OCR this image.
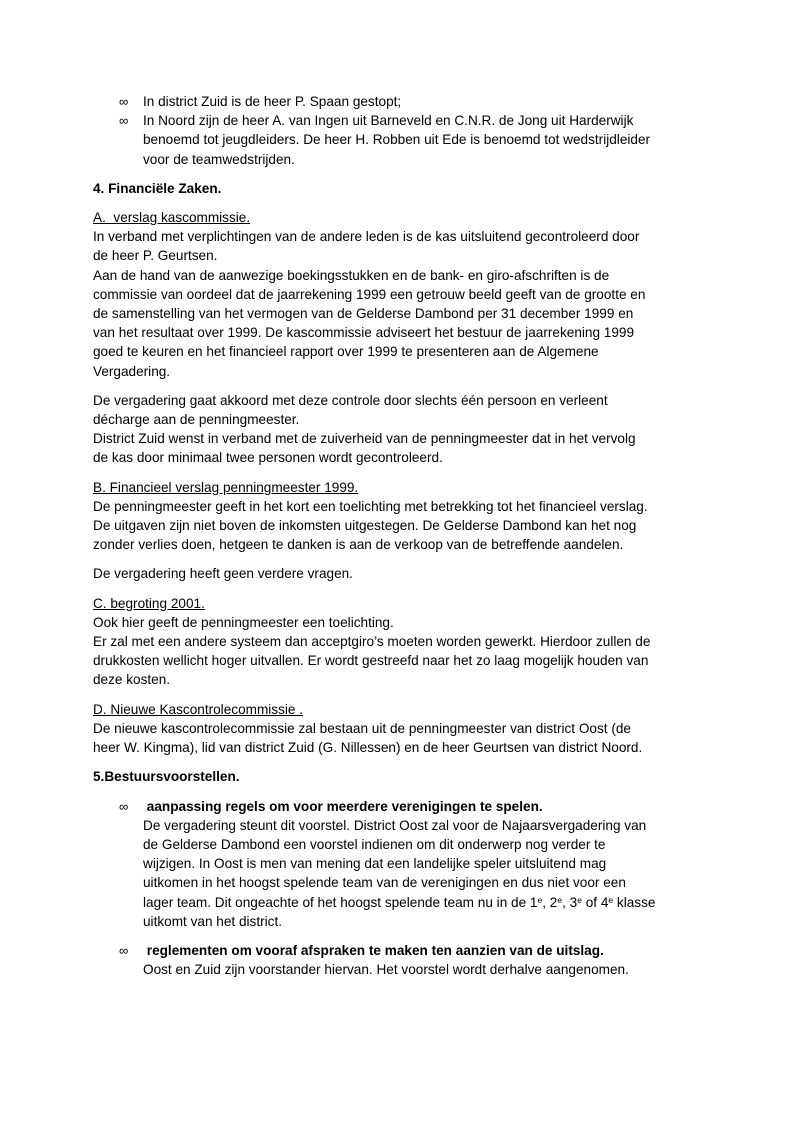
∞ In district Zuid is de heer P. Spaan gestopt;
∞ In Noord zijn de heer A. van Ingen uit Barneveld en C.N.R. de Jong uit Harderwijk
benoemd tot jeugdleiders. De heer H. Robben uit Ede is benoemd tot wedstrijdleider
voor de teamwedstrijden.
4. Financiële Zaken.
A.  verslag kascommissie.
In verband met verplichtingen van de andere leden is de kas uitsluitend gecontroleerd door
de heer P. Geurtsen.
Aan de hand van de aanwezige boekingsstukken en de bank- en giro-afschriften is de
commissie van oordeel dat de jaarrekening 1999 een getrouw beeld geeft van de grootte en
de samenstelling van het vermogen van de Gelderse Dambond per 31 december 1999 en
van het resultaat over 1999. De kascommissie adviseert het bestuur de jaarrekening 1999
goed te keuren en het financieel rapport over 1999 te presenteren aan de Algemene
Vergadering.
De vergadering gaat akkoord met deze controle door slechts één persoon en verleent
décharge aan de penningmeester.
District Zuid wenst in verband met de zuiverheid van de penningmeester dat in het vervolg
de kas door minimaal twee personen wordt gecontroleerd.
B. Financieel verslag penningmeester 1999.
De penningmeester geeft in het kort een toelichting met betrekking tot het financieel verslag.
De uitgaven zijn niet boven de inkomsten uitgestegen. De Gelderse Dambond kan het nog
zonder verlies doen, hetgeen te danken is aan de verkoop van de betreffende aandelen.
De vergadering heeft geen verdere vragen.
C. begroting 2001.
Ook hier geeft de penningmeester een toelichting.
Er zal met een andere systeem dan acceptgiro’s moeten worden gewerkt. Hierdoor zullen de
drukkosten wellicht hoger uitvallen. Er wordt gestreefd naar het zo laag mogelijk houden van
deze kosten.
D. Nieuwe Kascontrolecommissie .
De nieuwe kascontrolecommissie zal bestaan uit de penningmeester van district Oost (de
heer W. Kingma), lid van district Zuid (G. Nillessen) en de heer Geurtsen van district Noord.
5.Bestuursvoorstellen.
∞ aanpassing regels om voor meerdere verenigingen te spelen.
De vergadering steunt dit voorstel. District Oost zal voor de Najaarsvergadering van
de Gelderse Dambond een voorstel indienen om dit onderwerp nog verder te
wijzigen. In Oost is men van mening dat een landelijke speler uitsluitend mag
uitkomen in het hoogst spelende team van de verenigingen en dus niet voor een
lager team. Dit ongeachte of het hoogst spelende team nu in de 1e, 2e, 3e of 4e klasse
uitkomt van het district.
∞ reglementen om vooraf afspraken te maken ten aanzien van de uitslag.
Oost en Zuid zijn voorstander hiervan. Het voorstel wordt derhalve aangenomen.
